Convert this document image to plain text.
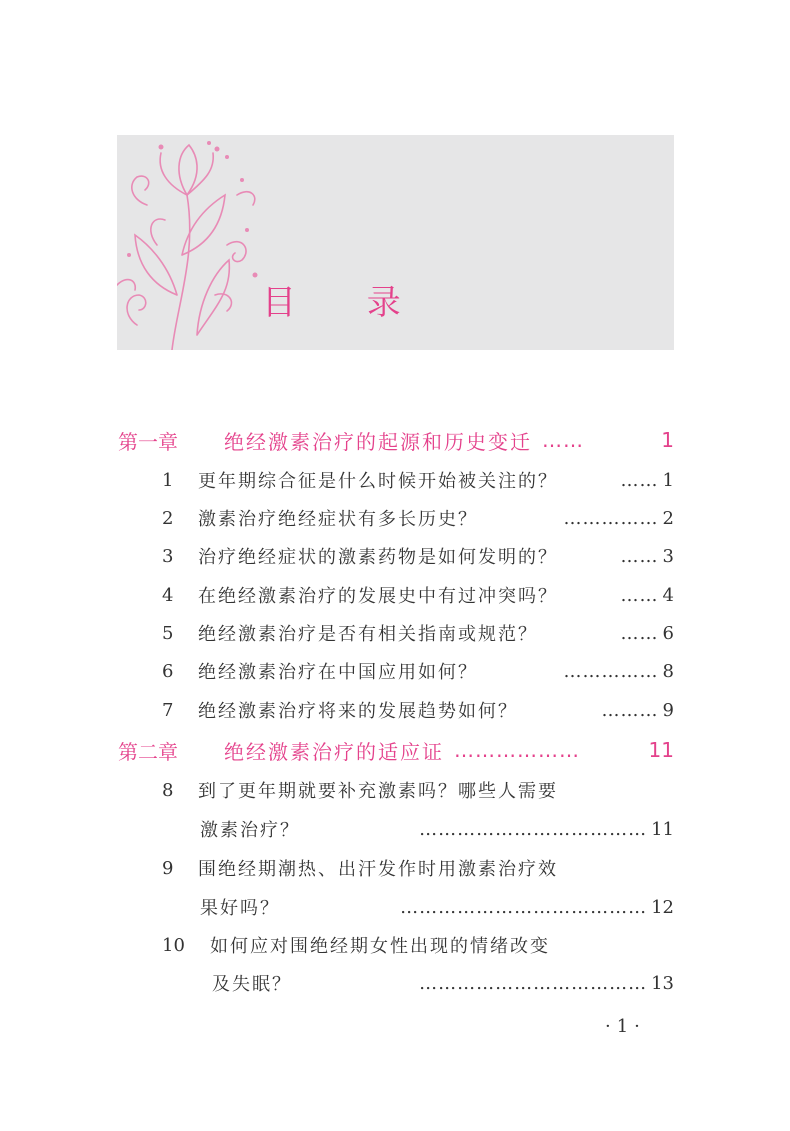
目 录
第一章	绝经激素治疗的起源和历史变迁 ……	1
1	更年期综合征是什么时候开始被关注的？	…… 1
2	激素治疗绝经症状有多长历史？	…………… 2
3	治疗绝经症状的激素药物是如何发明的？	…… 3
4	在绝经激素治疗的发展史中有过冲突吗？	…… 4
5	绝经激素治疗是否有相关指南或规范？	…… 6
6	绝经激素治疗在中国应用如何？	…………… 8
7	绝经激素治疗将来的发展趋势如何？	……… 9
第二章	绝经激素治疗的适应证 ………………	11
8	到了更年期就要补充激素吗？哪些人需要
激素治疗？	……………………………… 11
9	围绝经期潮热、出汗发作时用激素治疗效
果好吗？	………………………………… 12
10	如何应对围绝经期女性出现的情绪改变
及失眠？	……………………………… 13
·1·
